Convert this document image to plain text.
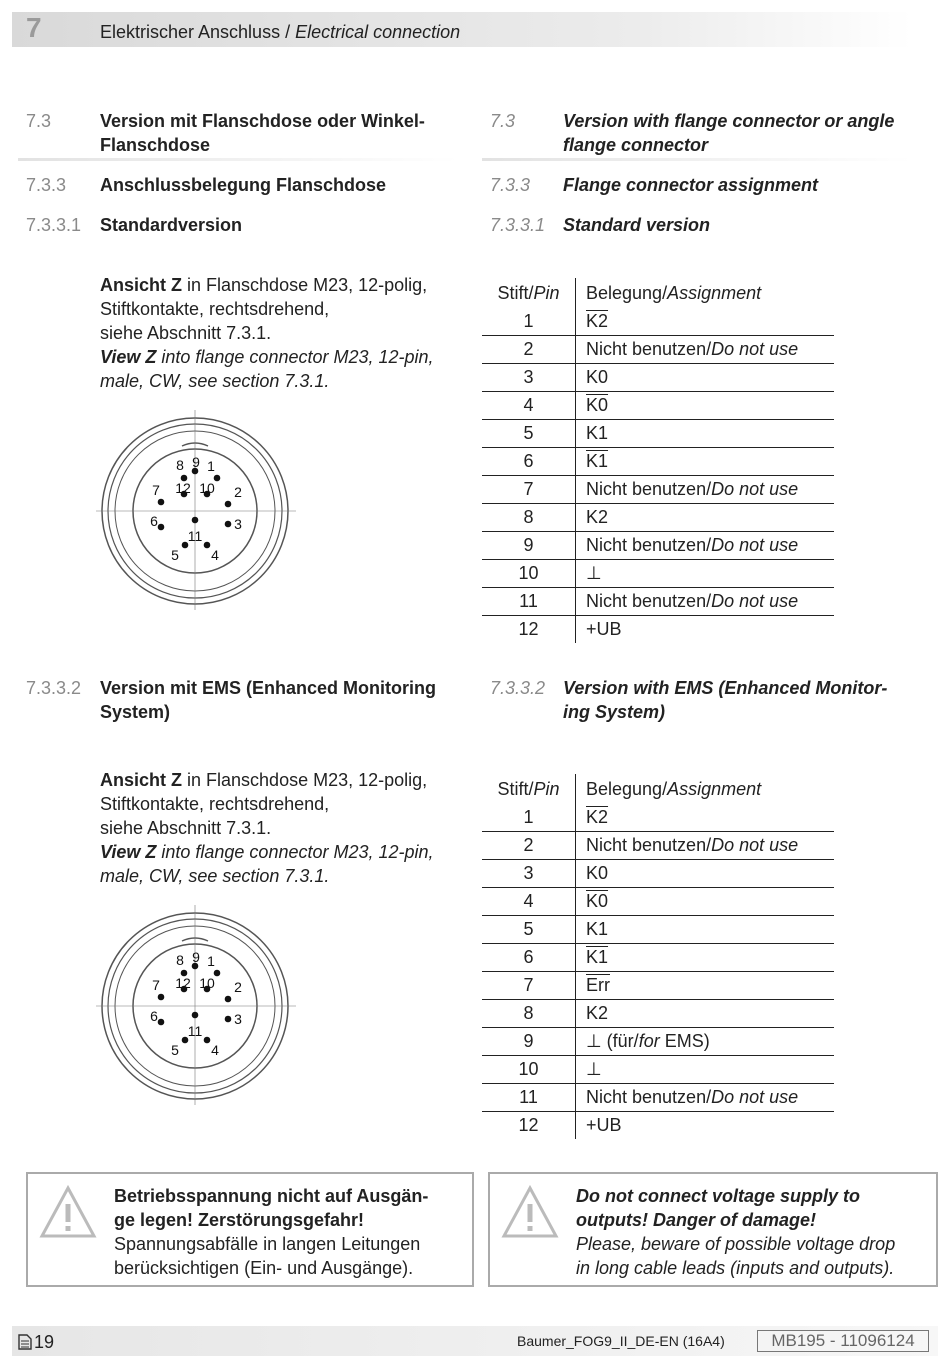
7	Elektrischer Anschluss / Electrical connection
7.3	Version mit Flanschdose oder Winkel-
Flanschdose
7.3	Version with flange connector or angle
flange connector
7.3.3 Anschlussbelegung Flanschdose	7.3.3 Flange connector assignment
7.3.3.1 Standardversion	7.3.3.1 Standard version
Ansicht Z in Flanschdose M23, 12-polig,
Stiftkontakte, rechtsdrehend,
siehe Abschnitt 7.3.1.
View Z into flange connector M23, 12-pin,
male, CW, see section 7.3.1.
1
2
3
4
5
6
7
8 9
10
11
12
Stift/Pin	Belegung/Assignment
1	K2
2	Nicht benutzen/Do not use
3	K0
4	K0
5	K1
6	K1
7	Nicht benutzen/Do not use
8	K2
9	Nicht benutzen/Do not use
10	⊥
11	Nicht benutzen/Do not use
12	+UB
7.3.3.2 Version mit EMS (Enhanced Monitoring
System)
7.3.3.2 Version with EMS (Enhanced Monitor-
ing System)
Ansicht Z in Flanschdose M23, 12-polig,
Stiftkontakte, rechtsdrehend,
siehe Abschnitt 7.3.1.
View Z into flange connector M23, 12-pin,
male, CW, see section 7.3.1.
1
2
3
4
5
6
7
8 9
10
11
12
Stift/Pin	Belegung/Assignment
1	K2
2	Nicht benutzen/Do not use
3	K0
4	K0
5	K1
6	K1
7	$\overline{Err}$
8	K2
9	⊥ (für/for EMS)
10	⊥
11	Nicht benutzen/Do not use
12	+UB
Betriebsspannung nicht auf Ausgän-
ge legen! Zerstörungsgefahr!
Spannungsabfälle in langen Leitungen
berücksichtigen (Ein- und Ausgänge).
Do not connect voltage supply to
outputs! Danger of damage!
Please, beware of possible voltage drop
in long cable leads (inputs and outputs).
19	Baumer_FOG9_II_DE-EN (16A4)	MB195 - 11096124
